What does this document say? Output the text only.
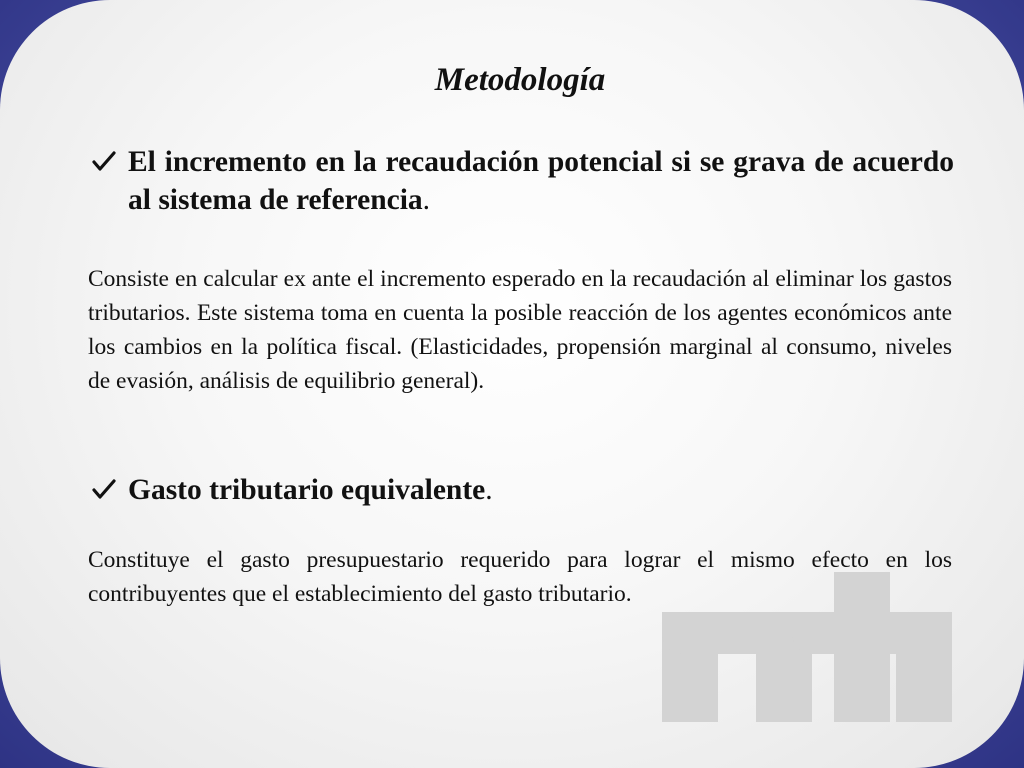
Metodología
El incremento en la recaudación potencial si se grava de acuerdo al sistema de referencia.

Consiste en calcular ex ante el incremento esperado en la recaudación al eliminar los gastos tributarios. Este sistema toma en cuenta la posible reacción de los agentes económicos ante los cambios en la política fiscal. (Elasticidades, propensión marginal al consumo, niveles de evasión, análisis de equilibrio general).

Gasto tributario equivalente.

Constituye el gasto presupuestario requerido para lograr el mismo efecto en los contribuyentes que el establecimiento del gasto tributario.
